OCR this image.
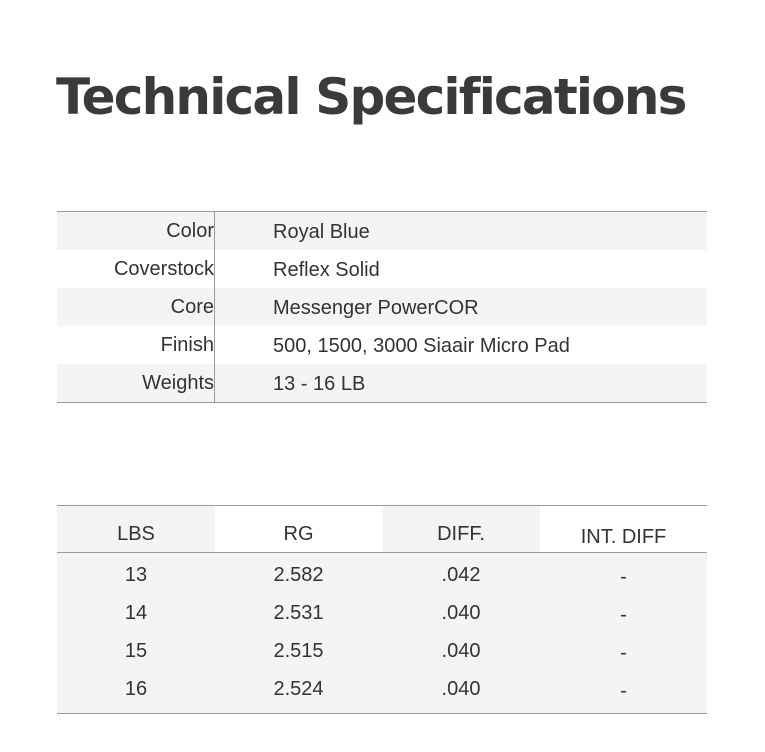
Technical Specifications
Color	Royal Blue
Coverstock	Reflex Solid
Core	Messenger PowerCOR
Finish	500, 1500, 3000 Siaair Micro Pad
Weights	13 - 16 LB
LBS	RG	DIFF.	INT. DIFF
13	2.582	.042	-
14	2.531	.040	-
15	2.515	.040	-
16	2.524	.040	-
